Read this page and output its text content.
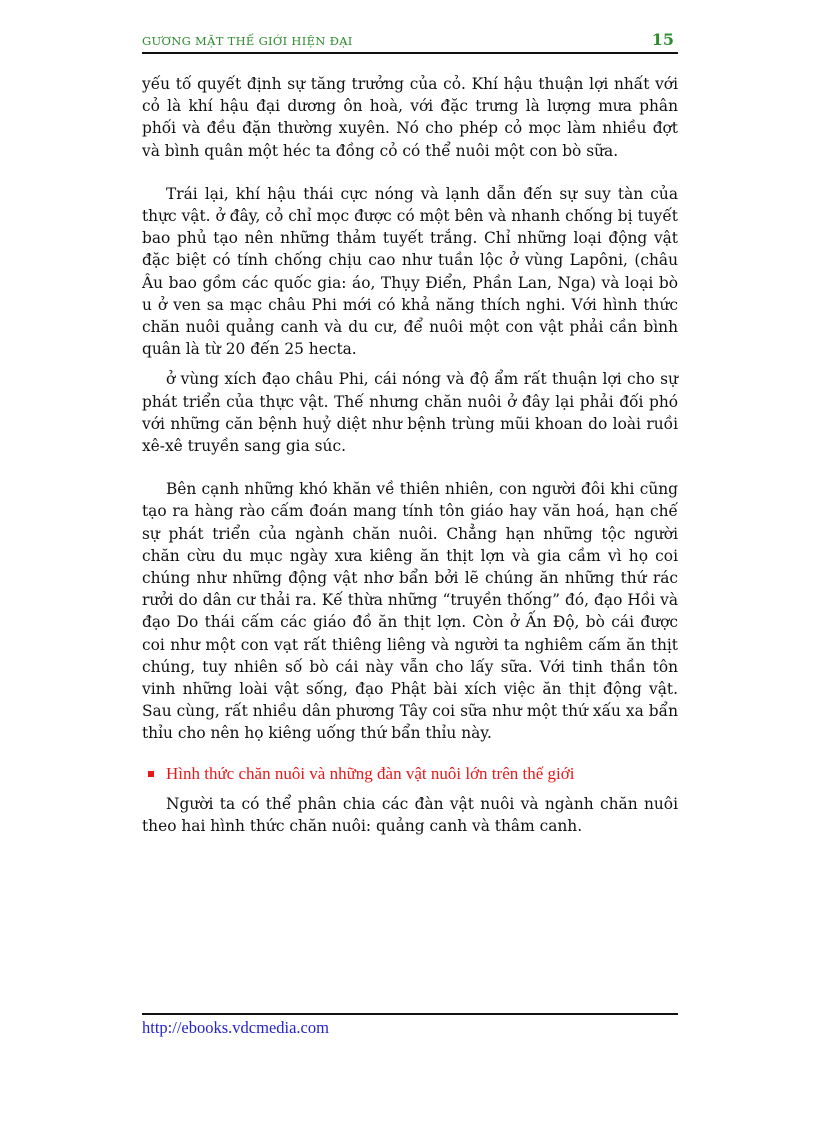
GƯƠNG MẶT THẾ GIỚI HIỆN ĐẠI	15

yếu tố quyết định sự tăng trưởng của cỏ. Khí hậu thuận lợi nhất với cỏ là khí hậu đại dương ôn hoà, với đặc trưng là lượng mưa phân phối và đều đặn thường xuyên. Nó cho phép cỏ mọc làm nhiều đợt và bình quân một héc ta đồng cỏ có thể nuôi một con bò sữa.

Trái lại, khí hậu thái cực nóng và lạnh dẫn đến sự suy tàn của thực vật. ở đây, cỏ chỉ mọc được có một bên và nhanh chống bị tuyết bao phủ tạo nên những thảm tuyết trắng. Chỉ những loại động vật đặc biệt có tính chống chịu cao như tuần lộc ở vùng Lapôni, (châu Âu bao gồm các quốc gia: áo, Thụy Điển, Phần Lan, Nga) và loại bò u ở ven sa mạc châu Phi mới có khả năng thích nghi. Với hình thức chăn nuôi quảng canh và du cư, để nuôi một con vật phải cần bình quân là từ 20 đến 25 hecta.

ở vùng xích đạo châu Phi, cái nóng và độ ẩm rất thuận lợi cho sự phát triển của thực vật. Thế nhưng chăn nuôi ở đây lại phải đối phó với những căn bệnh huỷ diệt như bệnh trùng mũi khoan do loài ruồi xê-xê truyền sang gia súc.

Bên cạnh những khó khăn về thiên nhiên, con người đôi khi cũng tạo ra hàng rào cấm đoán mang tính tôn giáo hay văn hoá, hạn chế sự phát triển của ngành chăn nuôi. Chẳng hạn những tộc người chăn cừu du mục ngày xưa kiêng ăn thịt lợn và gia cầm vì họ coi chúng như những động vật nhơ bẩn bởi lẽ chúng ăn những thứ rác rưởi do dân cư thải ra. Kế thừa những “truyền thống” đó, đạo Hồi và đạo Do thái cấm các giáo đồ ăn thịt lợn. Còn ở Ấn Độ, bò cái được coi như một con vạt rất thiêng liêng và người ta nghiêm cấm ăn thịt chúng, tuy nhiên số bò cái này vẫn cho lấy sữa. Với tinh thần tôn vinh những loài vật sống, đạo Phật bài xích việc ăn thịt động vật. Sau cùng, rất nhiều dân phương Tây coi sữa như một thứ xấu xa bẩn thỉu cho nên họ kiêng uống thứ bẩn thỉu này.

Hình thức chăn nuôi và những đàn vật nuôi lớn trên thế giới

Người ta có thể phân chia các đàn vật nuôi và ngành chăn nuôi theo hai hình thức chăn nuôi: quảng canh và thâm canh.

http://ebooks.vdcmedia.com
